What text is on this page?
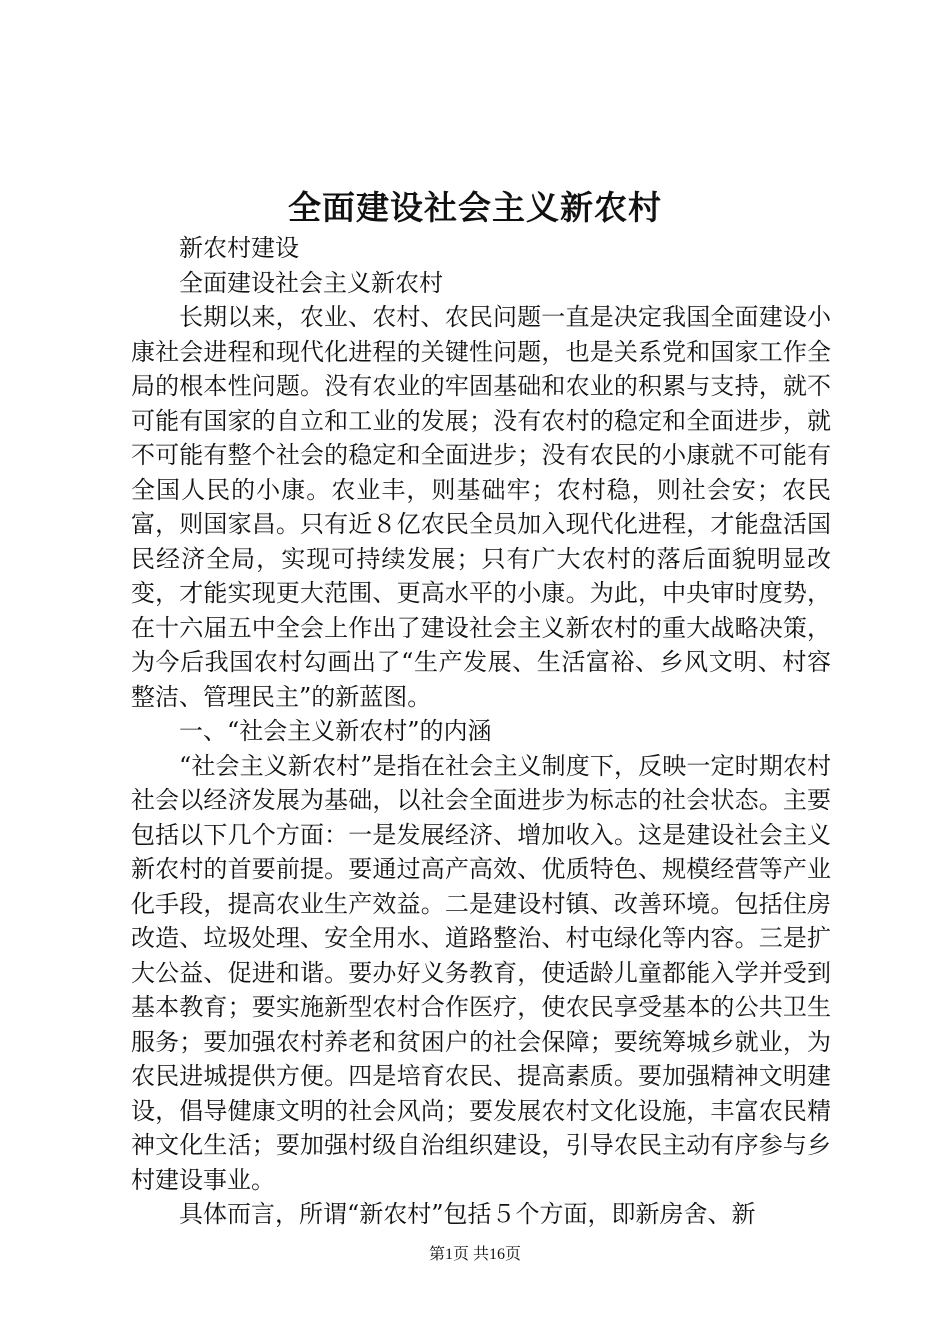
全面建设社会主义新农村

新农村建设

全面建设社会主义新农村

长期以来，农业、农村、农民问题一直是决定我国全面建设小康社会进程和现代化进程的关键性问题，也是关系党和国家工作全局的根本性问题。没有农业的牢固基础和农业的积累与支持，就不可能有国家的自立和工业的发展；没有农村的稳定和全面进步，就不可能有整个社会的稳定和全面进步；没有农民的小康就不可能有全国人民的小康。农业丰，则基础牢；农村稳，则社会安；农民富，则国家昌。只有近８亿农民全员加入现代化进程，才能盘活国民经济全局，实现可持续发展；只有广大农村的落后面貌明显改变，才能实现更大范围、更高水平的小康。为此，中央审时度势，在十六届五中全会上作出了建设社会主义新农村的重大战略决策，为今后我国农村勾画出了“生产发展、生活富裕、乡风文明、村容整洁、管理民主”的新蓝图。

一、“社会主义新农村”的内涵

“社会主义新农村”是指在社会主义制度下，反映一定时期农村社会以经济发展为基础，以社会全面进步为标志的社会状态。主要包括以下几个方面：一是发展经济、增加收入。这是建设社会主义新农村的首要前提。要通过高产高效、优质特色、规模经营等产业化手段，提高农业生产效益。二是建设村镇、改善环境。包括住房改造、垃圾处理、安全用水、道路整治、村屯绿化等内容。三是扩大公益、促进和谐。要办好义务教育，使适龄儿童都能入学并受到基本教育；要实施新型农村合作医疗，使农民享受基本的公共卫生服务；要加强农村养老和贫困户的社会保障；要统筹城乡就业，为农民进城提供方便。四是培育农民、提高素质。要加强精神文明建设，倡导健康文明的社会风尚；要发展农村文化设施，丰富农民精神文化生活；要加强村级自治组织建设，引导农民主动有序参与乡村建设事业。

具体而言，所谓“新农村”包括５个方面，即新房舍、新

第1页 共16页
